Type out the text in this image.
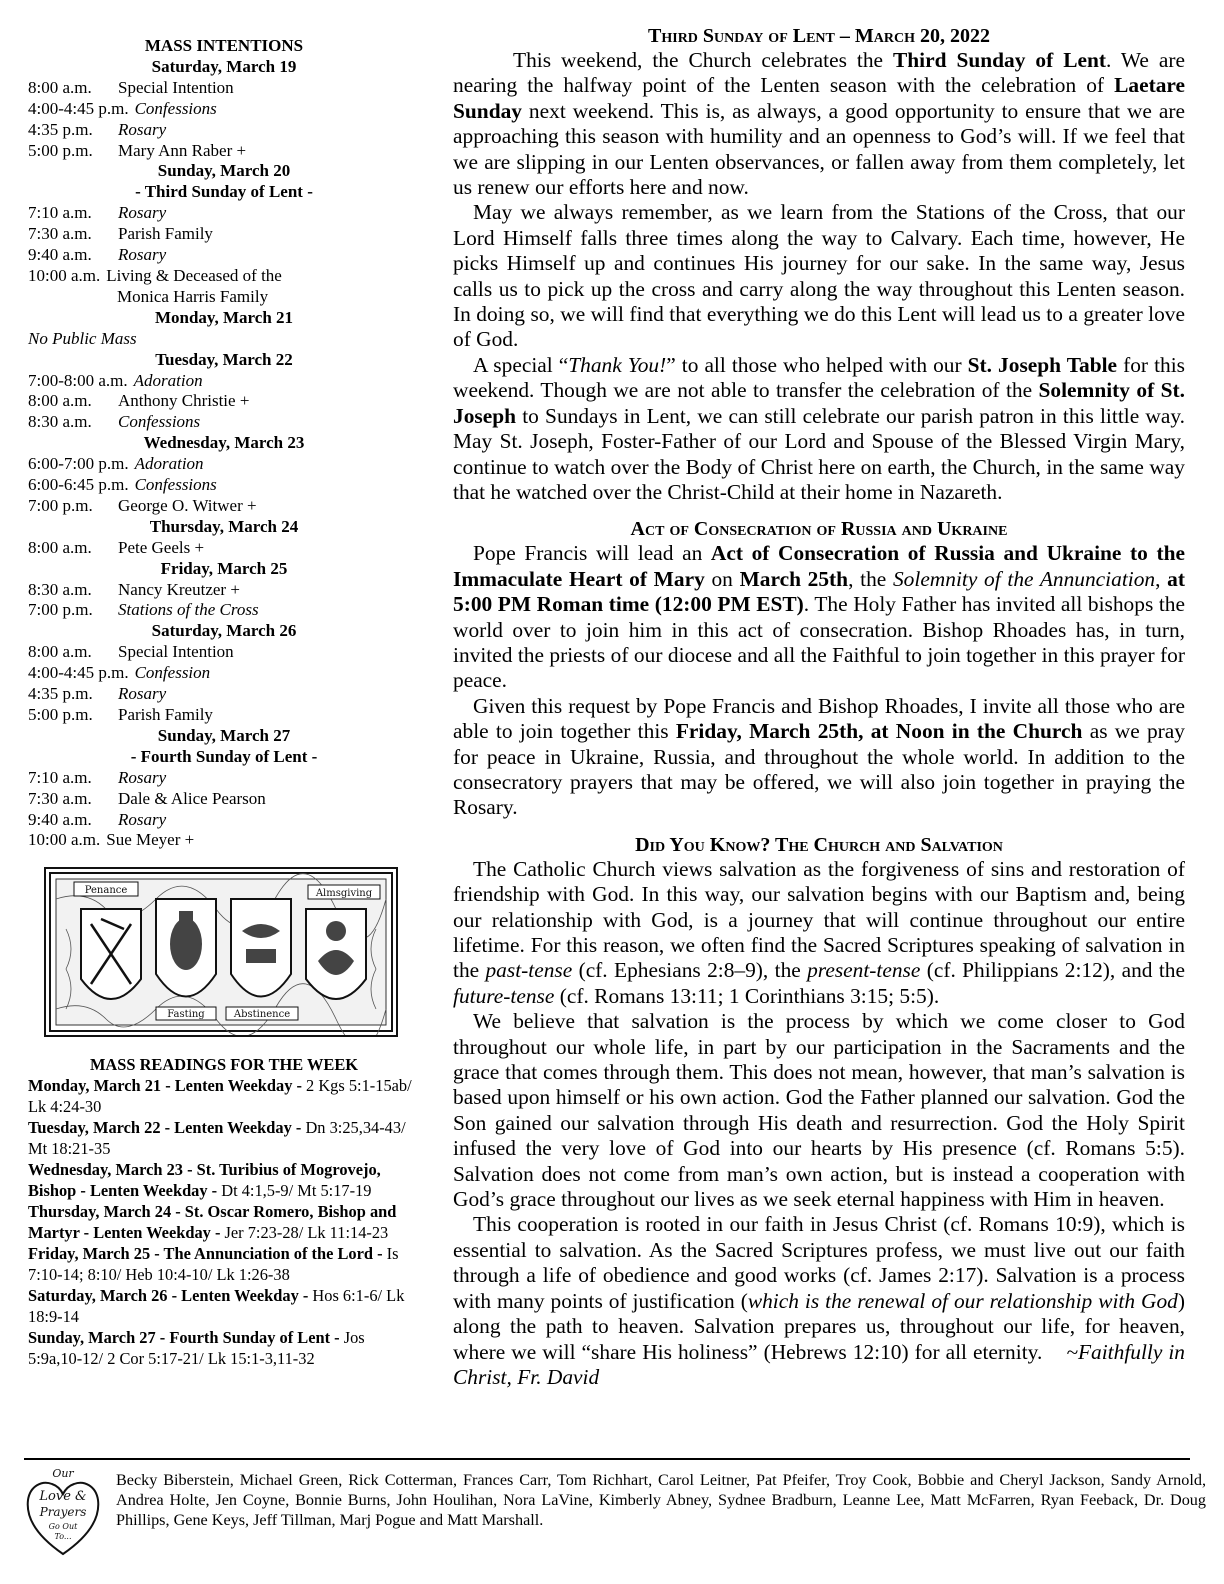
MASS INTENTIONS
Saturday, March 19
8:00 a.m.	Special Intention
4:00-4:45 p.m. Confessions
4:35 p.m.	Rosary
5:00 p.m.	Mary Ann Raber +
Sunday, March 20
- Third Sunday of Lent -
7:10 a.m.	Rosary
7:30 a.m.	Parish Family
9:40 a.m.	Rosary
10:00 a.m. Living & Deceased of the
Monica Harris Family
Monday, March 21
No Public Mass
Tuesday, March 22
7:00-8:00 a.m. Adoration
8:00 a.m.	Anthony Christie +
8:30 a.m.	Confessions
Wednesday, March 23
6:00-7:00 p.m. Adoration
6:00-6:45 p.m. Confessions
7:00 p.m.	George O. Witwer +
Thursday, March 24
8:00 a.m.	Pete Geels +
Friday, March 25
8:30 a.m.	Nancy Kreutzer +
7:00 p.m.	Stations of the Cross
Saturday, March 26
8:00 a.m.	Special Intention
4:00-4:45 p.m. Confession
4:35 p.m.	Rosary
5:00 p.m.	Parish Family
Sunday, March 27
- Fourth Sunday of Lent -
7:10 a.m.	Rosary
7:30 a.m.	Dale & Alice Pearson
9:40 a.m.	Rosary
10:00 a.m. Sue Meyer +
Penance	Almsgiving
Fasting	Abstinence
MASS READINGS FOR THE WEEK
Monday, March 21 - Lenten Weekday - 2 Kgs 5:1-15ab/ Lk 4:24-30
Tuesday, March 22 - Lenten Weekday - Dn 3:25,34-43/ Mt 18:21-35
Wednesday, March 23 - St. Turibius of Mogrovejo, Bishop - Lenten Weekday - Dt 4:1,5-9/ Mt 5:17-19
Thursday, March 24 - St. Oscar Romero, Bishop and Martyr - Lenten Weekday - Jer 7:23-28/ Lk 11:14-23
Friday, March 25 - The Annunciation of the Lord - Is 7:10-14; 8:10/ Heb 10:4-10/ Lk 1:26-38
Saturday, March 26 - Lenten Weekday - Hos 6:1-6/ Lk 18:9-14
Sunday, March 27 - Fourth Sunday of Lent - Jos 5:9a,10-12/ 2 Cor 5:17-21/ Lk 15:1-3,11-32
Third Sunday of Lent – March 20, 2022
This weekend, the Church celebrates the Third Sunday of Lent. We are nearing the halfway point of the Lenten season with the celebration of Laetare Sunday next weekend. This is, as always, a good opportunity to ensure that we are approaching this season with humility and an openness to God’s will. If we feel that we are slipping in our Lenten observances, or fallen away from them completely, let us renew our efforts here and now.
May we always remember, as we learn from the Stations of the Cross, that our Lord Himself falls three times along the way to Calvary. Each time, however, He picks Himself up and continues His journey for our sake. In the same way, Jesus calls us to pick up the cross and carry along the way throughout this Lenten season. In doing so, we will find that everything we do this Lent will lead us to a greater love of God.
A special “Thank You!” to all those who helped with our St. Joseph Table for this weekend. Though we are not able to transfer the celebration of the Solemnity of St. Joseph to Sundays in Lent, we can still celebrate our parish patron in this little way. May St. Joseph, Foster-Father of our Lord and Spouse of the Blessed Virgin Mary, continue to watch over the Body of Christ here on earth, the Church, in the same way that he watched over the Christ-Child at their home in Nazareth.
Act of Consecration of Russia and Ukraine
Pope Francis will lead an Act of Consecration of Russia and Ukraine to the Immaculate Heart of Mary on March 25th, the Solemnity of the Annunciation, at 5:00 PM Roman time (12:00 PM EST). The Holy Father has invited all bishops the world over to join him in this act of consecration. Bishop Rhoades has, in turn, invited the priests of our diocese and all the Faithful to join together in this prayer for peace.
Given this request by Pope Francis and Bishop Rhoades, I invite all those who are able to join together this Friday, March 25th, at Noon in the Church as we pray for peace in Ukraine, Russia, and throughout the whole world. In addition to the consecratory prayers that may be offered, we will also join together in praying the Rosary.
Did You Know? The Church and Salvation
The Catholic Church views salvation as the forgiveness of sins and restoration of friendship with God. In this way, our salvation begins with our Baptism and, being our relationship with God, is a journey that will continue throughout our entire lifetime. For this reason, we often find the Sacred Scriptures speaking of salvation in the past-tense (cf. Ephesians 2:8–9), the present-tense (cf. Philippians 2:12), and the future-tense (cf. Romans 13:11; 1 Corinthians 3:15; 5:5).
We believe that salvation is the process by which we come closer to God throughout our whole life, in part by our participation in the Sacraments and the grace that comes through them. This does not mean, however, that man’s salvation is based upon himself or his own action. God the Father planned our salvation. God the Son gained our salvation through His death and resurrection. God the Holy Spirit infused the very love of God into our hearts by His presence (cf. Romans 5:5). Salvation does not come from man’s own action, but is instead a cooperation with God’s grace throughout our lives as we seek eternal happiness with Him in heaven.
This cooperation is rooted in our faith in Jesus Christ (cf. Romans 10:9), which is essential to salvation. As the Sacred Scriptures profess, we must live out our faith through a life of obedience and good works (cf. James 2:17). Salvation is a process with many points of justification (which is the renewal of our relationship with God) along the path to heaven. Salvation prepares us, throughout our life, for heaven, where we will “share His holiness” (Hebrews 12:10) for all eternity. ~Faithfully in Christ, Fr. David
Our
Love &
Prayers
Go Out
To...
Becky Biberstein, Michael Green, Rick Cotterman, Frances Carr, Tom Richhart, Carol Leitner, Pat Pfeifer, Troy Cook, Bobbie and Cheryl Jackson, Sandy Arnold, Andrea Holte, Jen Coyne, Bonnie Burns, John Houlihan, Nora LaVine, Kimberly Abney, Sydnee Bradburn, Leanne Lee, Matt McFarren, Ryan Feeback, Dr. Doug Phillips, Gene Keys, Jeff Tillman, Marj Pogue and Matt Marshall.
